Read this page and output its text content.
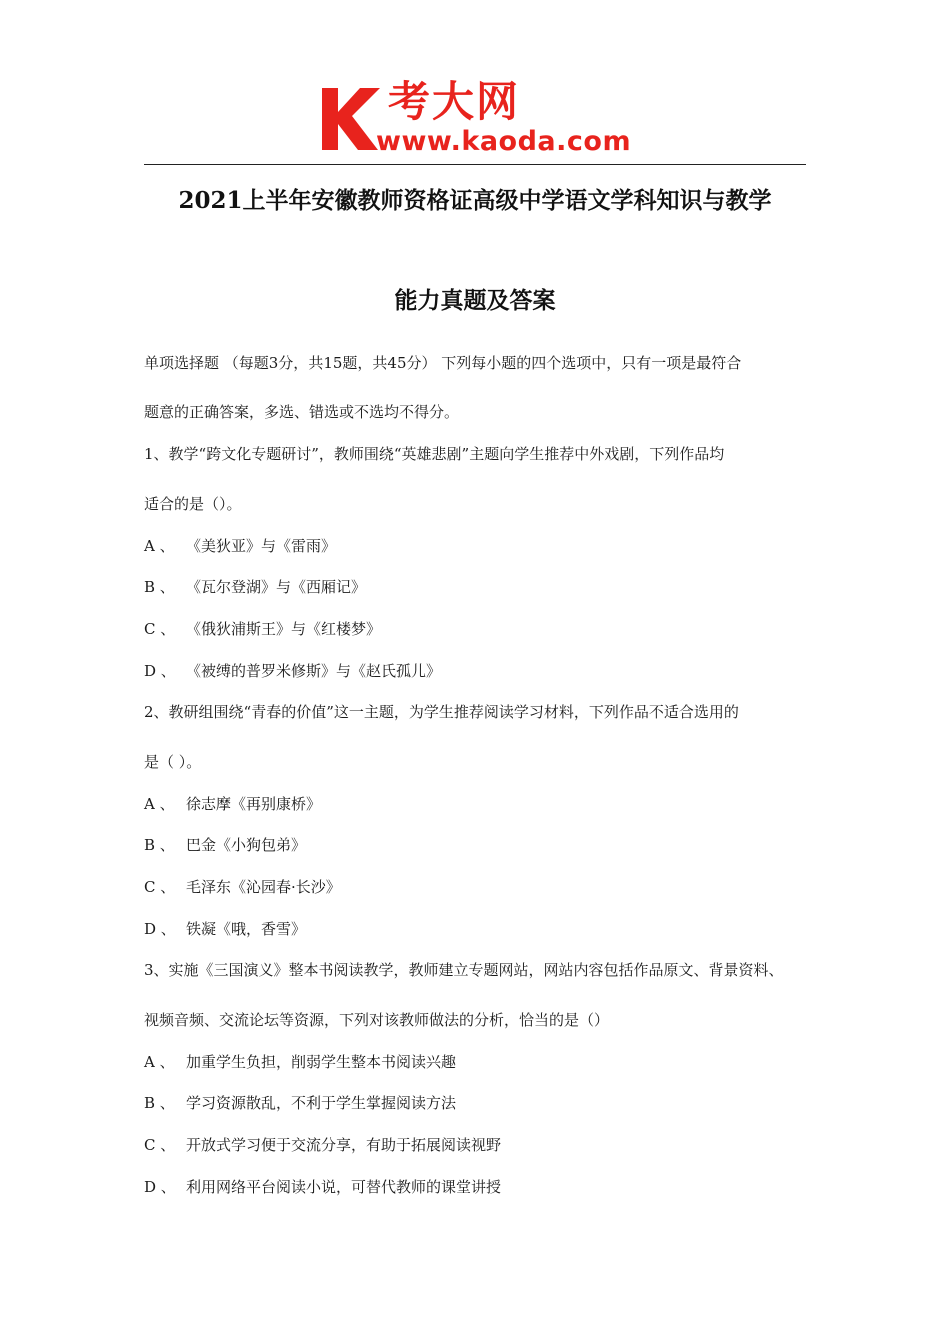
考大网
www.kaoda.com
2021上半年安徽教师资格证高级中学语文学科知识与教学
能力真题及答案
单项选择题 （每题3分，共15题，共45分） 下列每小题的四个选项中，只有一项是最符合
题意的正确答案，多选、错选或不选均不得分。
1、教学“跨文化专题研讨”，教师围绕“英雄悲剧”主题向学生推荐中外戏剧，下列作品均
适合的是（）。
A 、 《美狄亚》与《雷雨》
B 、 《瓦尔登湖》与《西厢记》
C 、 《俄狄浦斯王》与《红楼梦》
D 、 《被缚的普罗米修斯》与《赵氏孤儿》
2、教研组围绕“青春的价值”这一主题，为学生推荐阅读学习材料，下列作品不适合选用的
是（ ）。
A 、 徐志摩《再别康桥》
B 、 巴金《小狗包弟》
C 、 毛泽东《沁园春·长沙》
D 、 铁凝《哦，香雪》
3、实施《三国演义》整本书阅读教学，教师建立专题网站，网站内容包括作品原文、背景资料、
视频音频、交流论坛等资源，下列对该教师做法的分析，恰当的是（）
A 、 加重学生负担，削弱学生整本书阅读兴趣
B 、 学习资源散乱，不利于学生掌握阅读方法
C 、 开放式学习便于交流分享，有助于拓展阅读视野
D 、 利用网络平台阅读小说，可替代教师的课堂讲授
